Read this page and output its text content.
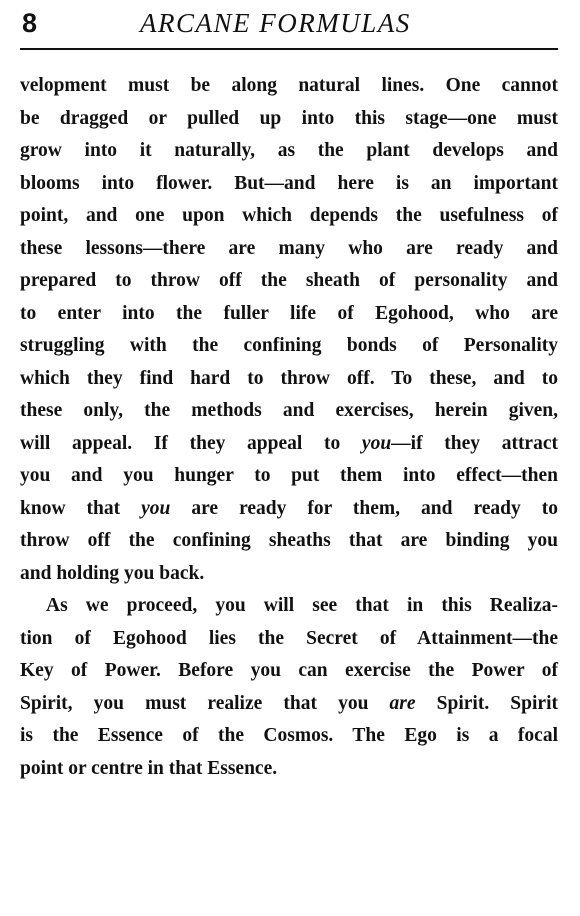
8	ARCANE FORMULAS
velopment must be along natural lines. One cannot
be dragged or pulled up into this stage—one must
grow into it naturally, as the plant develops and
blooms into flower. But—and here is an important
point, and one upon which depends the usefulness of
these lessons—there are many who are ready and
prepared to throw off the sheath of personality and
to enter into the fuller life of Egohood, who are
struggling with the confining bonds of Personality
which they find hard to throw off. To these, and to
these only, the methods and exercises, herein given,
will appeal. If they appeal to you—if they attract
you and you hunger to put them into effect—then
know that you are ready for them, and ready to
throw off the confining sheaths that are binding you
and holding you back.
As we proceed, you will see that in this Realiza-
tion of Egohood lies the Secret of Attainment—the
Key of Power. Before you can exercise the Power of
Spirit, you must realize that you are Spirit. Spirit
is the Essence of the Cosmos. The Ego is a focal
point or centre in that Essence.
